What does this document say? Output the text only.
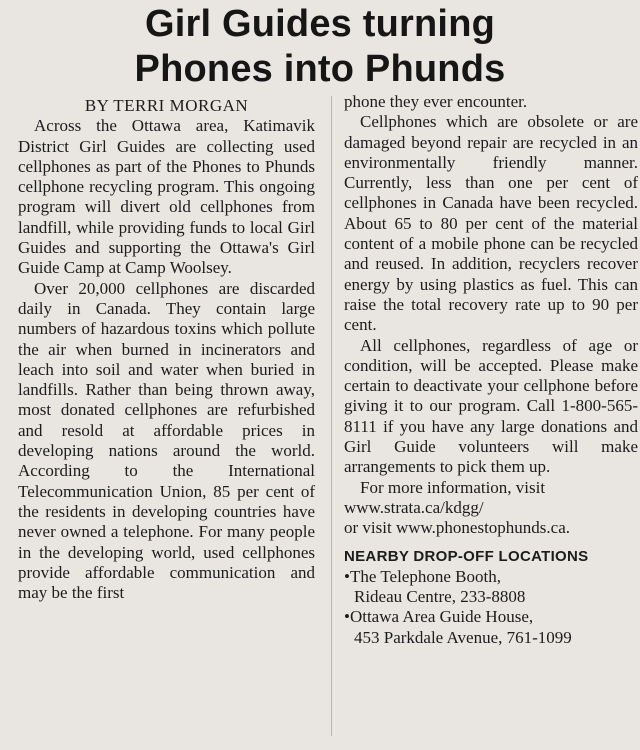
Girl Guides turning
Phones into Phunds
BY TERRI MORGAN

Across the Ottawa area, Katimavik District Girl Guides are collecting used cellphones as part of the Phones to Phunds cellphone recycling program. This ongoing program will divert old cellphones from landfill, while providing funds to local Girl Guides and supporting the Ottawa's Girl Guide Camp at Camp Woolsey.

Over 20,000 cellphones are discarded daily in Canada. They contain large numbers of hazardous toxins which pollute the air when burned in incinerators and leach into soil and water when buried in landfills. Rather than being thrown away, most donated cellphones are refurbished and resold at affordable prices in developing nations around the world. According to the International Telecommunication Union, 85 per cent of the residents in developing countries have never owned a telephone. For many people in the developing world, used cellphones provide affordable communication and may be the first

phone they ever encounter.

Cellphones which are obsolete or are damaged beyond repair are recycled in an environmentally friendly manner. Currently, less than one per cent of cellphones in Canada have been recycled. About 65 to 80 per cent of the material content of a mobile phone can be recycled and reused. In addition, recyclers recover energy by using plastics as fuel. This can raise the total recovery rate up to 90 per cent.

All cellphones, regardless of age or condition, will be accepted. Please make certain to deactivate your cellphone before giving it to our program. Call 1-800-565-8111 if you have any large donations and Girl Guide volunteers will make arrangements to pick them up.

For more information, visit

www.strata.ca/kdgg/

or visit www.phonestophunds.ca.

NEARBY DROP-OFF LOCATIONS
•The Telephone Booth,
Rideau Centre, 233-8808
•Ottawa Area Guide House,
453 Parkdale Avenue, 761-1099
